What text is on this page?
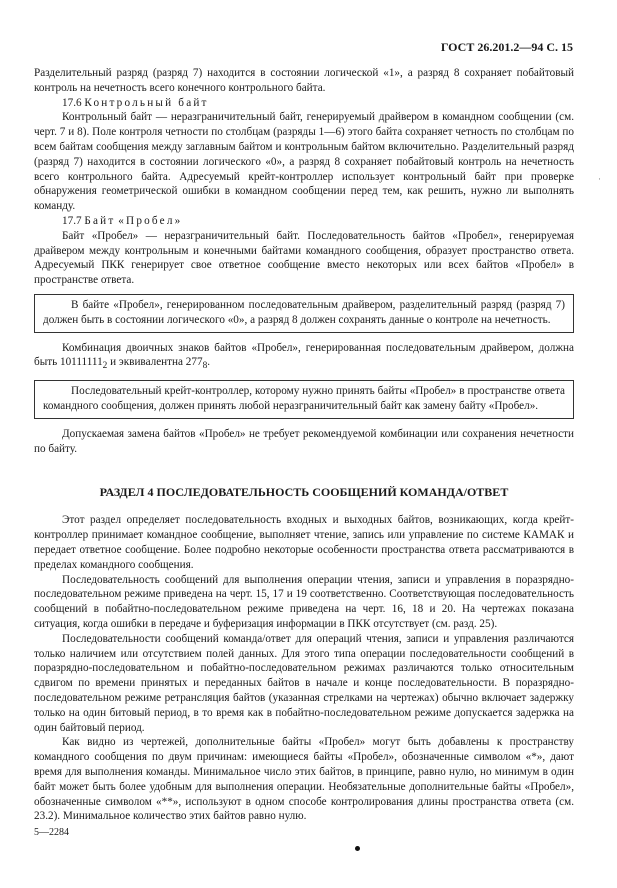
ГОСТ 26.201.2—94 С. 15

Разделительный разряд (разряд 7) находится в состоянии логической «1», а разряд 8 сохраняет побайтовый контроль на нечетность всего конечного контрольного байта.

17.6 Контрольный байт

Контрольный байт — неразграничительный байт, генерируемый драйвером в командном сообщении (см. черт. 7 и 8). Поле контроля четности по столбцам (разряды 1—6) этого байта сохраняет четность по столбцам по всем байтам сообщения между заглавным байтом и контрольным байтом включительно. Разделительный разряд (разряд 7) находится в состоянии логического «0», а разряд 8 сохраняет побайтовый контроль на нечетность всего контрольного байта. Адресуемый крейт-контроллер использует контрольный байт при проверке обнаружения геометрической ошибки в командном сообщении перед тем, как решить, нужно ли выполнять команду.

17.7 Байт «Пробел»

Байт «Пробел» — неразграничительный байт. Последовательность байтов «Пробел», генерируемая драйвером между контрольным и конечными байтами командного сообщения, образует пространство ответа. Адресуемый ПКК генерирует свое ответное сообщение вместо некоторых или всех байтов «Пробел» в пространстве ответа.

В байте «Пробел», генерированном последовательным драйвером, разделительный разряд (разряд 7) должен быть в состоянии логического «0», а разряд 8 должен сохранять данные о контроле на нечетность.

Комбинация двоичных знаков байтов «Пробел», генерированная последовательным драйвером, должна быть $10111111_2$ и эквивалентна $277_8$.

Последовательный крейт-контроллер, которому нужно принять байты «Пробел» в пространстве ответа командного сообщения, должен принять любой неразграничительный байт как замену байту «Пробел».

Допускаемая замена байтов «Пробел» не требует рекомендуемой комбинации или сохранения нечетности по байту.

РАЗДЕЛ 4 ПОСЛЕДОВАТЕЛЬНОСТЬ СООБЩЕНИЙ КОМАНДА/ОТВЕТ

Этот раздел определяет последовательность входных и выходных байтов, возникающих, когда крейт-контроллер принимает командное сообщение, выполняет чтение, запись или управление по системе КАМАК и передает ответное сообщение. Более подробно некоторые особенности пространства ответа рассматриваются в пределах командного сообщения.

Последовательность сообщений для выполнения операции чтения, записи и управления в поразрядно-последовательном режиме приведена на черт. 15, 17 и 19 соответственно. Соответствующая последовательность сообщений в побайтно-последовательном режиме приведена на черт. 16, 18 и 20. На чертежах показана ситуация, когда ошибки в передаче и буферизация информации в ПКК отсутствует (см. разд. 25).

Последовательности сообщений команда/ответ для операций чтения, записи и управления различаются только наличием или отсутствием полей данных. Для этого типа операции последовательности сообщений в поразрядно-последовательном и побайтно-последовательном режимах различаются только относительным сдвигом по времени принятых и переданных байтов в начале и конце последовательности. В поразрядно-последовательном режиме ретрансляция байтов (указанная стрелками на чертежах) обычно включает задержку только на один битовый период, в то время как в побайтно-последовательном режиме допускается задержка на один байтовый период.

Как видно из чертежей, дополнительные байты «Пробел» могут быть добавлены к пространству командного сообщения по двум причинам: имеющиеся байты «Пробел», обозначенные символом «*», дают время для выполнения команды. Минимальное число этих байтов, в принципе, равно нулю, но минимум в один байт может быть более удобным для выполнения операции. Необязательные дополнительные байты «Пробел», обозначенные символом «**», используют в одном способе контролирования длины пространства ответа (см. 23.2). Минимальное количество этих байтов равно нулю.

·
5—2284
